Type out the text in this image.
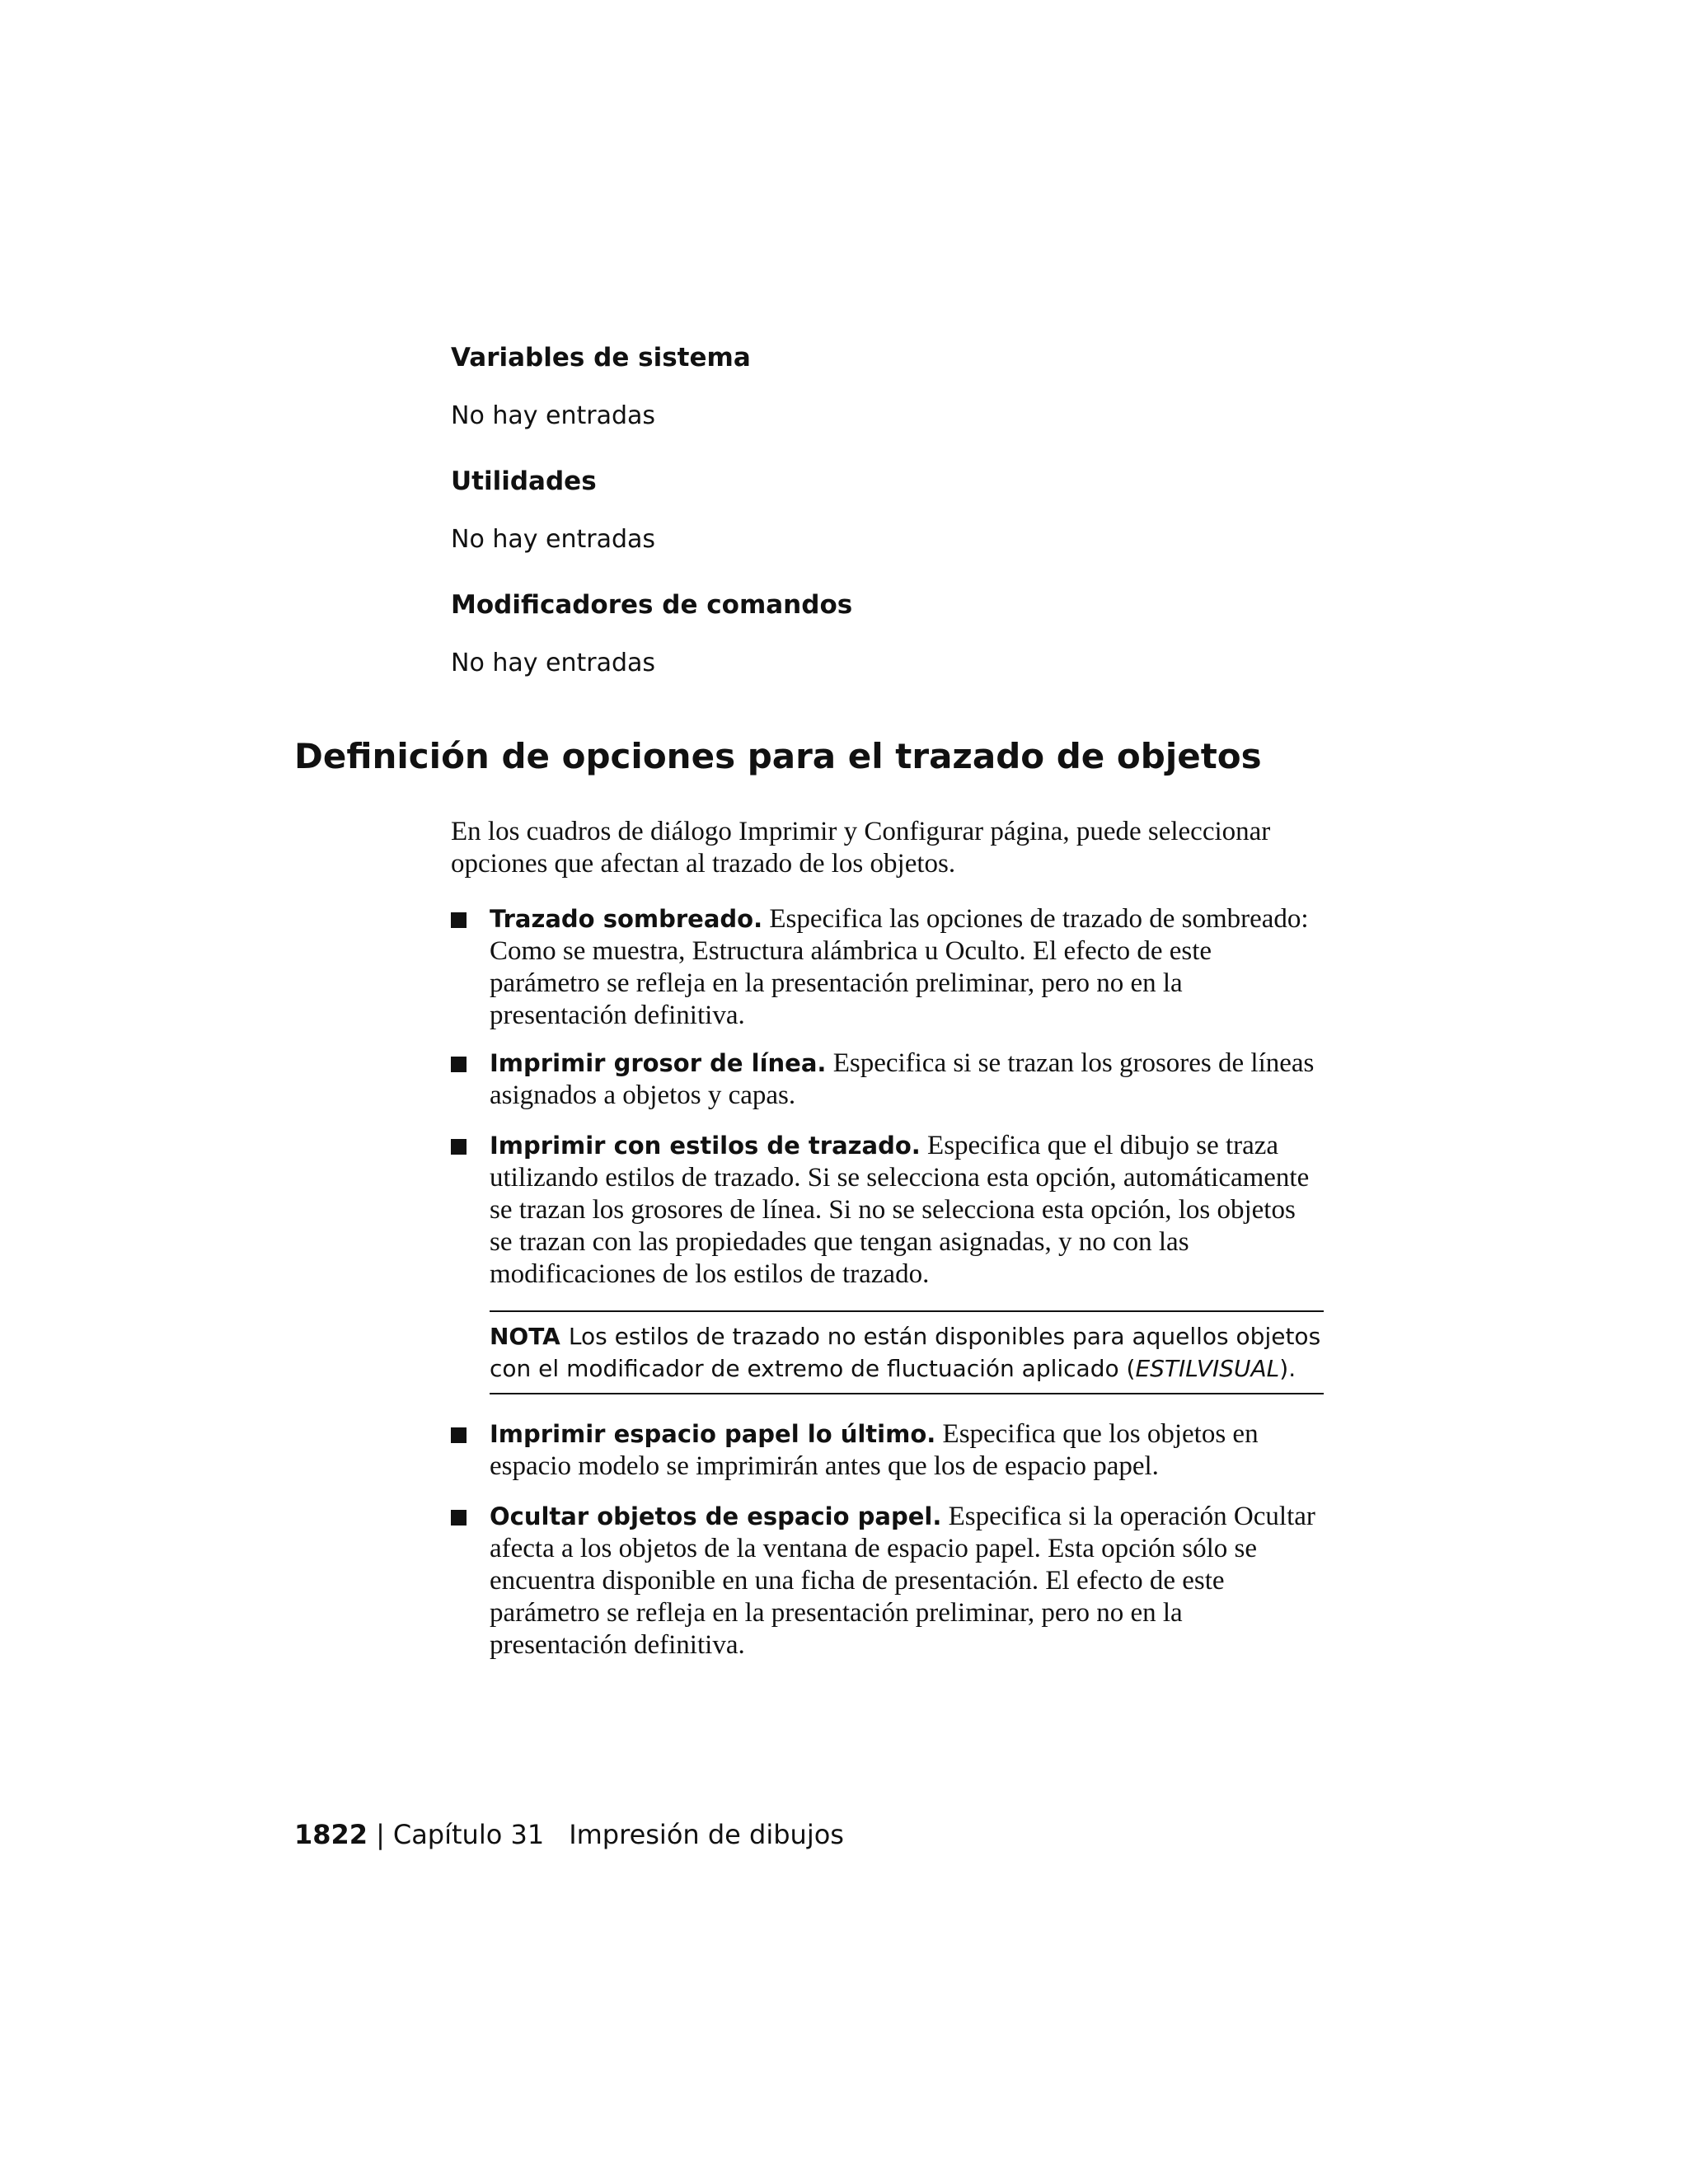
Variables de sistema

No hay entradas

Utilidades

No hay entradas

Modificadores de comandos

No hay entradas

Definición de opciones para el trazado de objetos

En los cuadros de diálogo Imprimir y Configurar página, puede seleccionar opciones que afectan al trazado de los objetos.

Trazado sombreado. Especifica las opciones de trazado de sombreado: Como se muestra, Estructura alámbrica u Oculto. El efecto de este parámetro se refleja en la presentación preliminar, pero no en la presentación definitiva.
Imprimir grosor de línea. Especifica si se trazan los grosores de líneas asignados a objetos y capas.
Imprimir con estilos de trazado. Especifica que el dibujo se traza utilizando estilos de trazado. Si se selecciona esta opción, automáticamente se trazan los grosores de línea. Si no se selecciona esta opción, los objetos se trazan con las propiedades que tengan asignadas, y no con las modificaciones de los estilos de trazado.
NOTA Los estilos de trazado no están disponibles para aquellos objetos con el modificador de extremo de fluctuación aplicado (ESTILVISUAL).
Imprimir espacio papel lo último. Especifica que los objetos en espacio modelo se imprimirán antes que los de espacio papel.
Ocultar objetos de espacio papel. Especifica si la operación Ocultar afecta a los objetos de la ventana de espacio papel. Esta opción sólo se encuentra disponible en una ficha de presentación. El efecto de este parámetro se refleja en la presentación preliminar, pero no en la presentación definitiva.
1822 | Capítulo 31 Impresión de dibujos
